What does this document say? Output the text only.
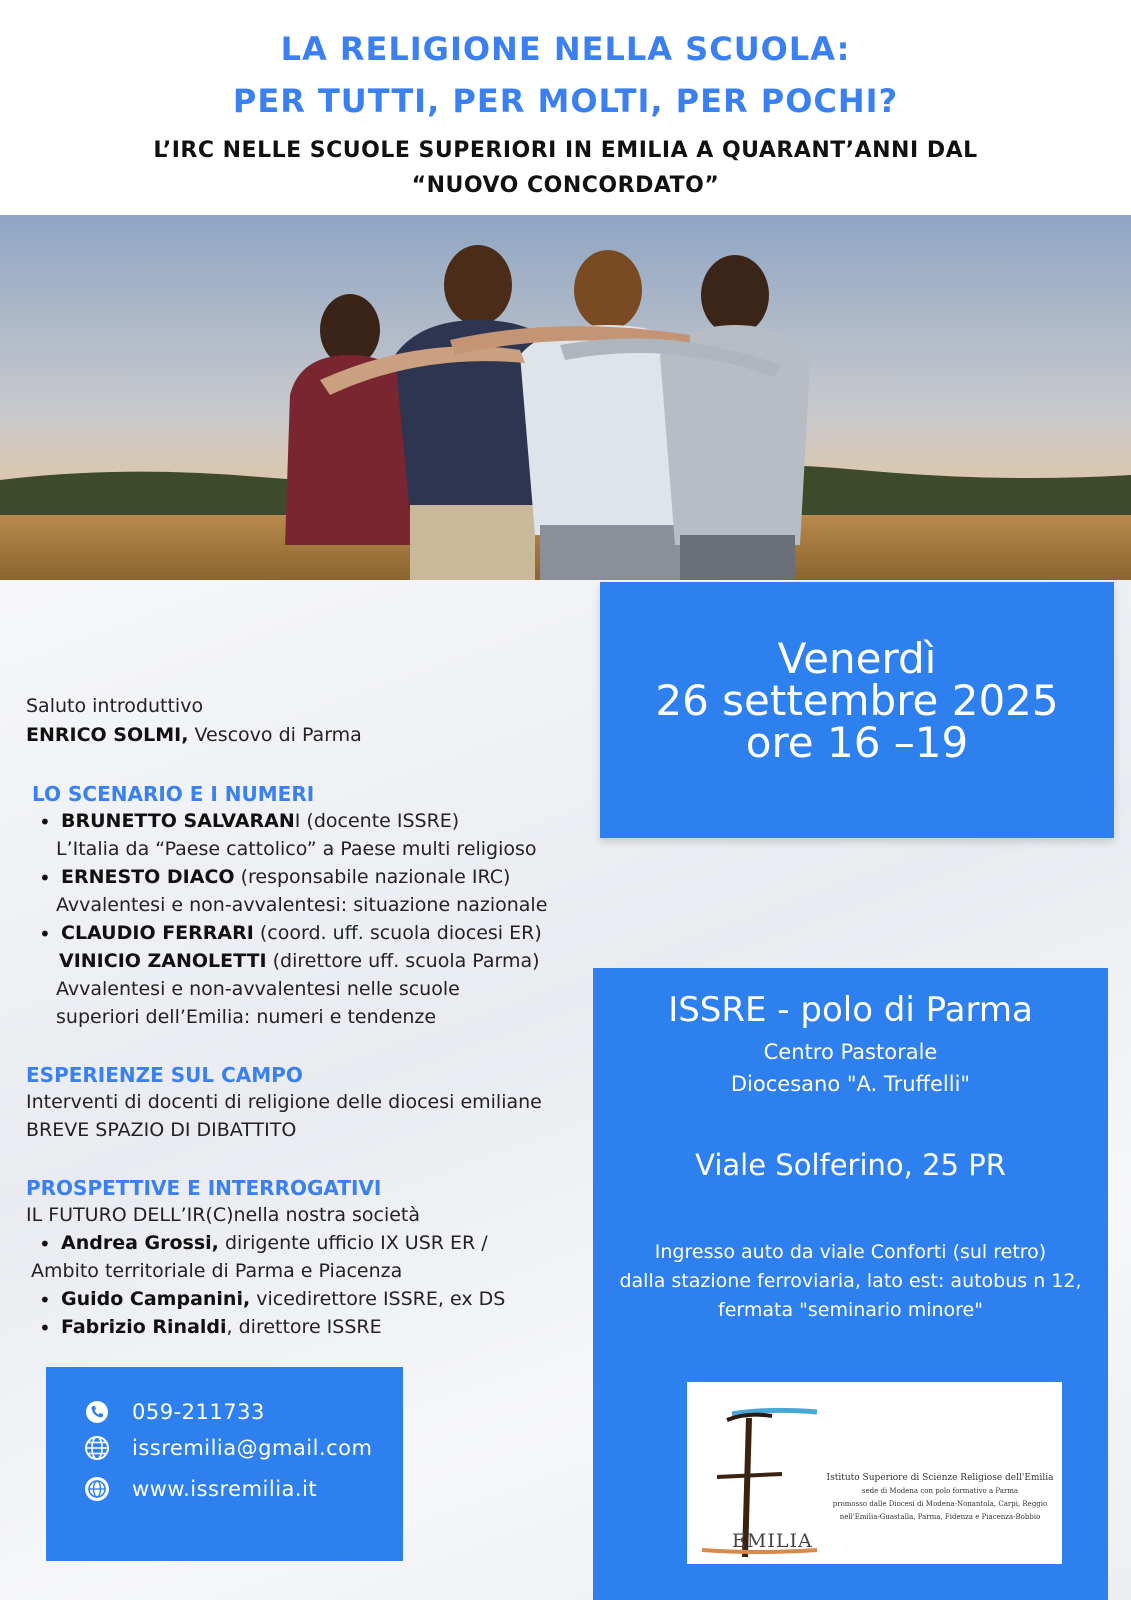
LA RELIGIONE NELLA SCUOLA:
PER TUTTI, PER MOLTI, PER POCHI?
L’IRC NELLE SCUOLE SUPERIORI IN EMILIA A QUARANT’ANNI DAL
“NUOVO CONCORDATO”
Venerdì
26 settembre 2025
ore 16 –19
Saluto introduttivo
ENRICO SOLMI, Vescovo di Parma
LO SCENARIO E I NUMERI
• BRUNETTO SALVARANI (docente ISSRE)
L’Italia da “Paese cattolico” a Paese multi religioso
• ERNESTO DIACO (responsabile nazionale IRC)
Avvalentesi e non-avvalentesi: situazione nazionale
• CLAUDIO FERRARI (coord. uff. scuola diocesi ER)
VINICIO ZANOLETTI (direttore uff. scuola Parma)
Avvalentesi e non-avvalentesi nelle scuole
superiori dell’Emilia: numeri e tendenze
ESPERIENZE SUL CAMPO
Interventi di docenti di religione delle diocesi emiliane
BREVE SPAZIO DI DIBATTITO
PROSPETTIVE E INTERROGATIVI
IL FUTURO DELL’IR(C)nella nostra società
• Andrea Grossi, dirigente ufficio IX USR ER /
Ambito territoriale di Parma e Piacenza
• Guido Campanini, vicedirettore ISSRE, ex DS
• Fabrizio Rinaldi, direttore ISSRE
ISSRE - polo di Parma
Centro Pastorale
Diocesano "A. Truffelli"
Viale Solferino, 25 PR
Ingresso auto da viale Conforti (sul retro)
dalla stazione ferroviaria, lato est: autobus n 12,
fermata "seminario minore"
Istituto Superiore di Scienze Religiose dell'Emilia
sede di Modena con polo formativo a Parma
promosso dalle Diocesi di Modena-Nonantola, Carpi, Reggio
nell'Emilia-Guastalla, Parma, Fidenza e Piacenza-Bobbio
EMILIA
059-211733
issremilia@gmail.com
www.issremilia.it
